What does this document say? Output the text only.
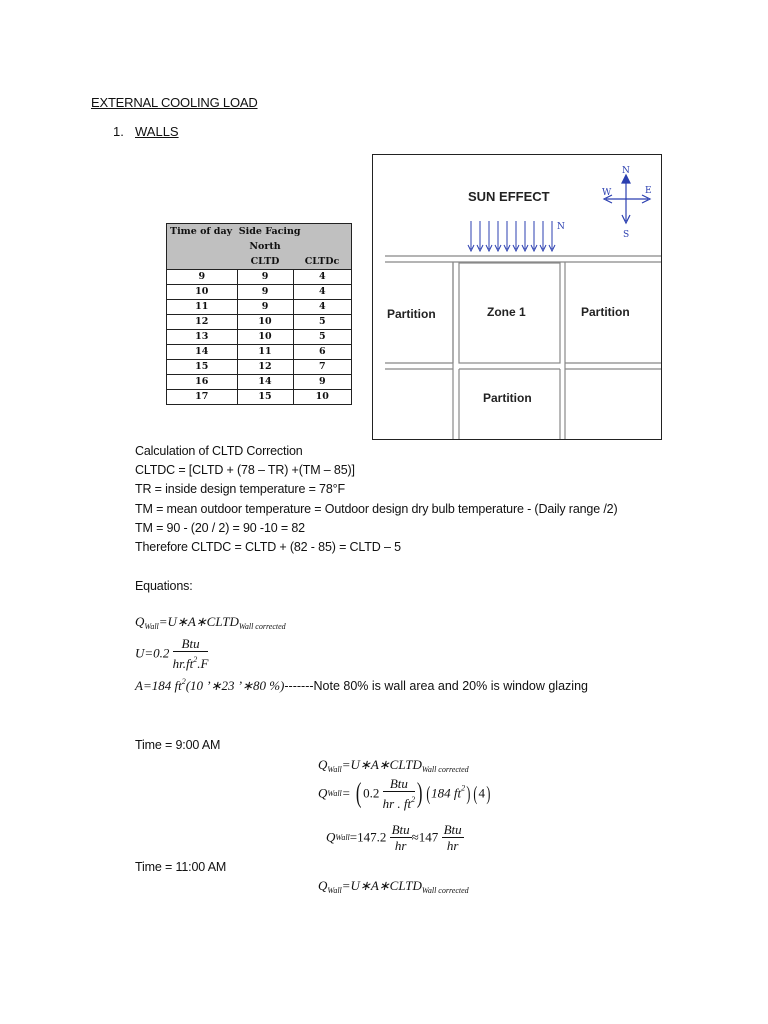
EXTERNAL COOLING LOAD
1. WALLS
Time of day Side Facing		
	North	
	CLTD	CLTDc
9	9	4
10	9	4
11	9	4
12	10	5
13	10	5
14	11	6
15	12	7
16	14	9
17	15	10
SUN EFFECT
N
N
S
E
W
Partition	Zone 1	Partition
Partition
Calculation of CLTD Correction
CLTDC = [CLTD + (78 – TR) +(TM – 85)]
TR = inside design temperature = 78°F
TM = mean outdoor temperature = Outdoor design dry bulb temperature - (Daily range /2)
TM = 90 - (20 / 2) = 90 -10 = 82
Therefore CLTDC = CLTD + (82 - 85) = CLTD – 5
Equations:
$Q_{Wall}=U∗A∗CLTD_{Wall corrected}$
$U=0.2 \frac{\text{Btu}}{hr.ft^2.F}$
A=184 $ft^2(10$ ’∗23 ’∗80 %)-------Note 80% is wall area and 20% is window glazing
Time = 9:00 AM
$Q_{Wall}=U∗A∗CLTD_{Wall corrected}$
QWall= ( $0.2 \frac{\text{Btu}}{hr . ft^2}$ ) (184 $ft^2$) (4)
QWall=147.2 $\frac{\text{Btu}}{hr} \approx 147 \frac{\text{Btu}}{hr}$
Time = 11:00 AM
$Q_{Wall}=U∗A∗CLTD_{Wall corrected}$
